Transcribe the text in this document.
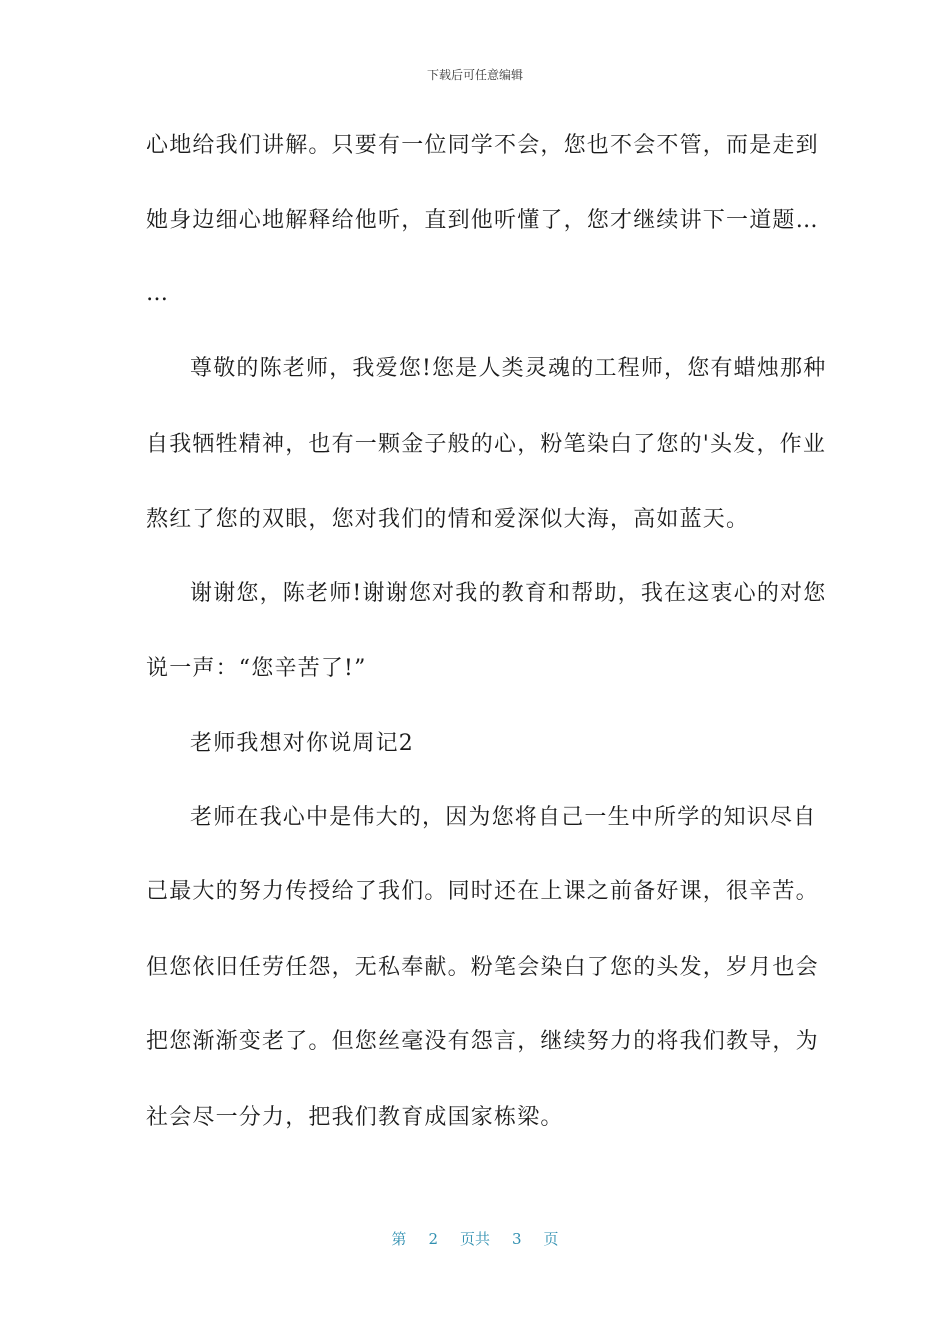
下载后可任意编辑
心地给我们讲解。只要有一位同学不会，您也不会不管，而是走到
她身边细心地解释给他听，直到他听懂了，您才继续讲下一道题…
…
尊敬的陈老师，我爱您!您是人类灵魂的工程师，您有蜡烛那种
自我牺牲精神，也有一颗金子般的心，粉笔染白了您的'头发，作业
熬红了您的双眼，您对我们的情和爱深似大海，高如蓝天。
谢谢您，陈老师!谢谢您对我的教育和帮助，我在这衷心的对您
说一声：“您辛苦了!”
老师我想对你说周记2
老师在我心中是伟大的，因为您将自己一生中所学的知识尽自
己最大的努力传授给了我们。同时还在上课之前备好课，很辛苦。
但您依旧任劳任怨，无私奉献。粉笔会染白了您的头发，岁月也会
把您渐渐变老了。但您丝毫没有怨言，继续努力的将我们教导，为
社会尽一分力，把我们教育成国家栋梁。
第 2 页共 3 页
